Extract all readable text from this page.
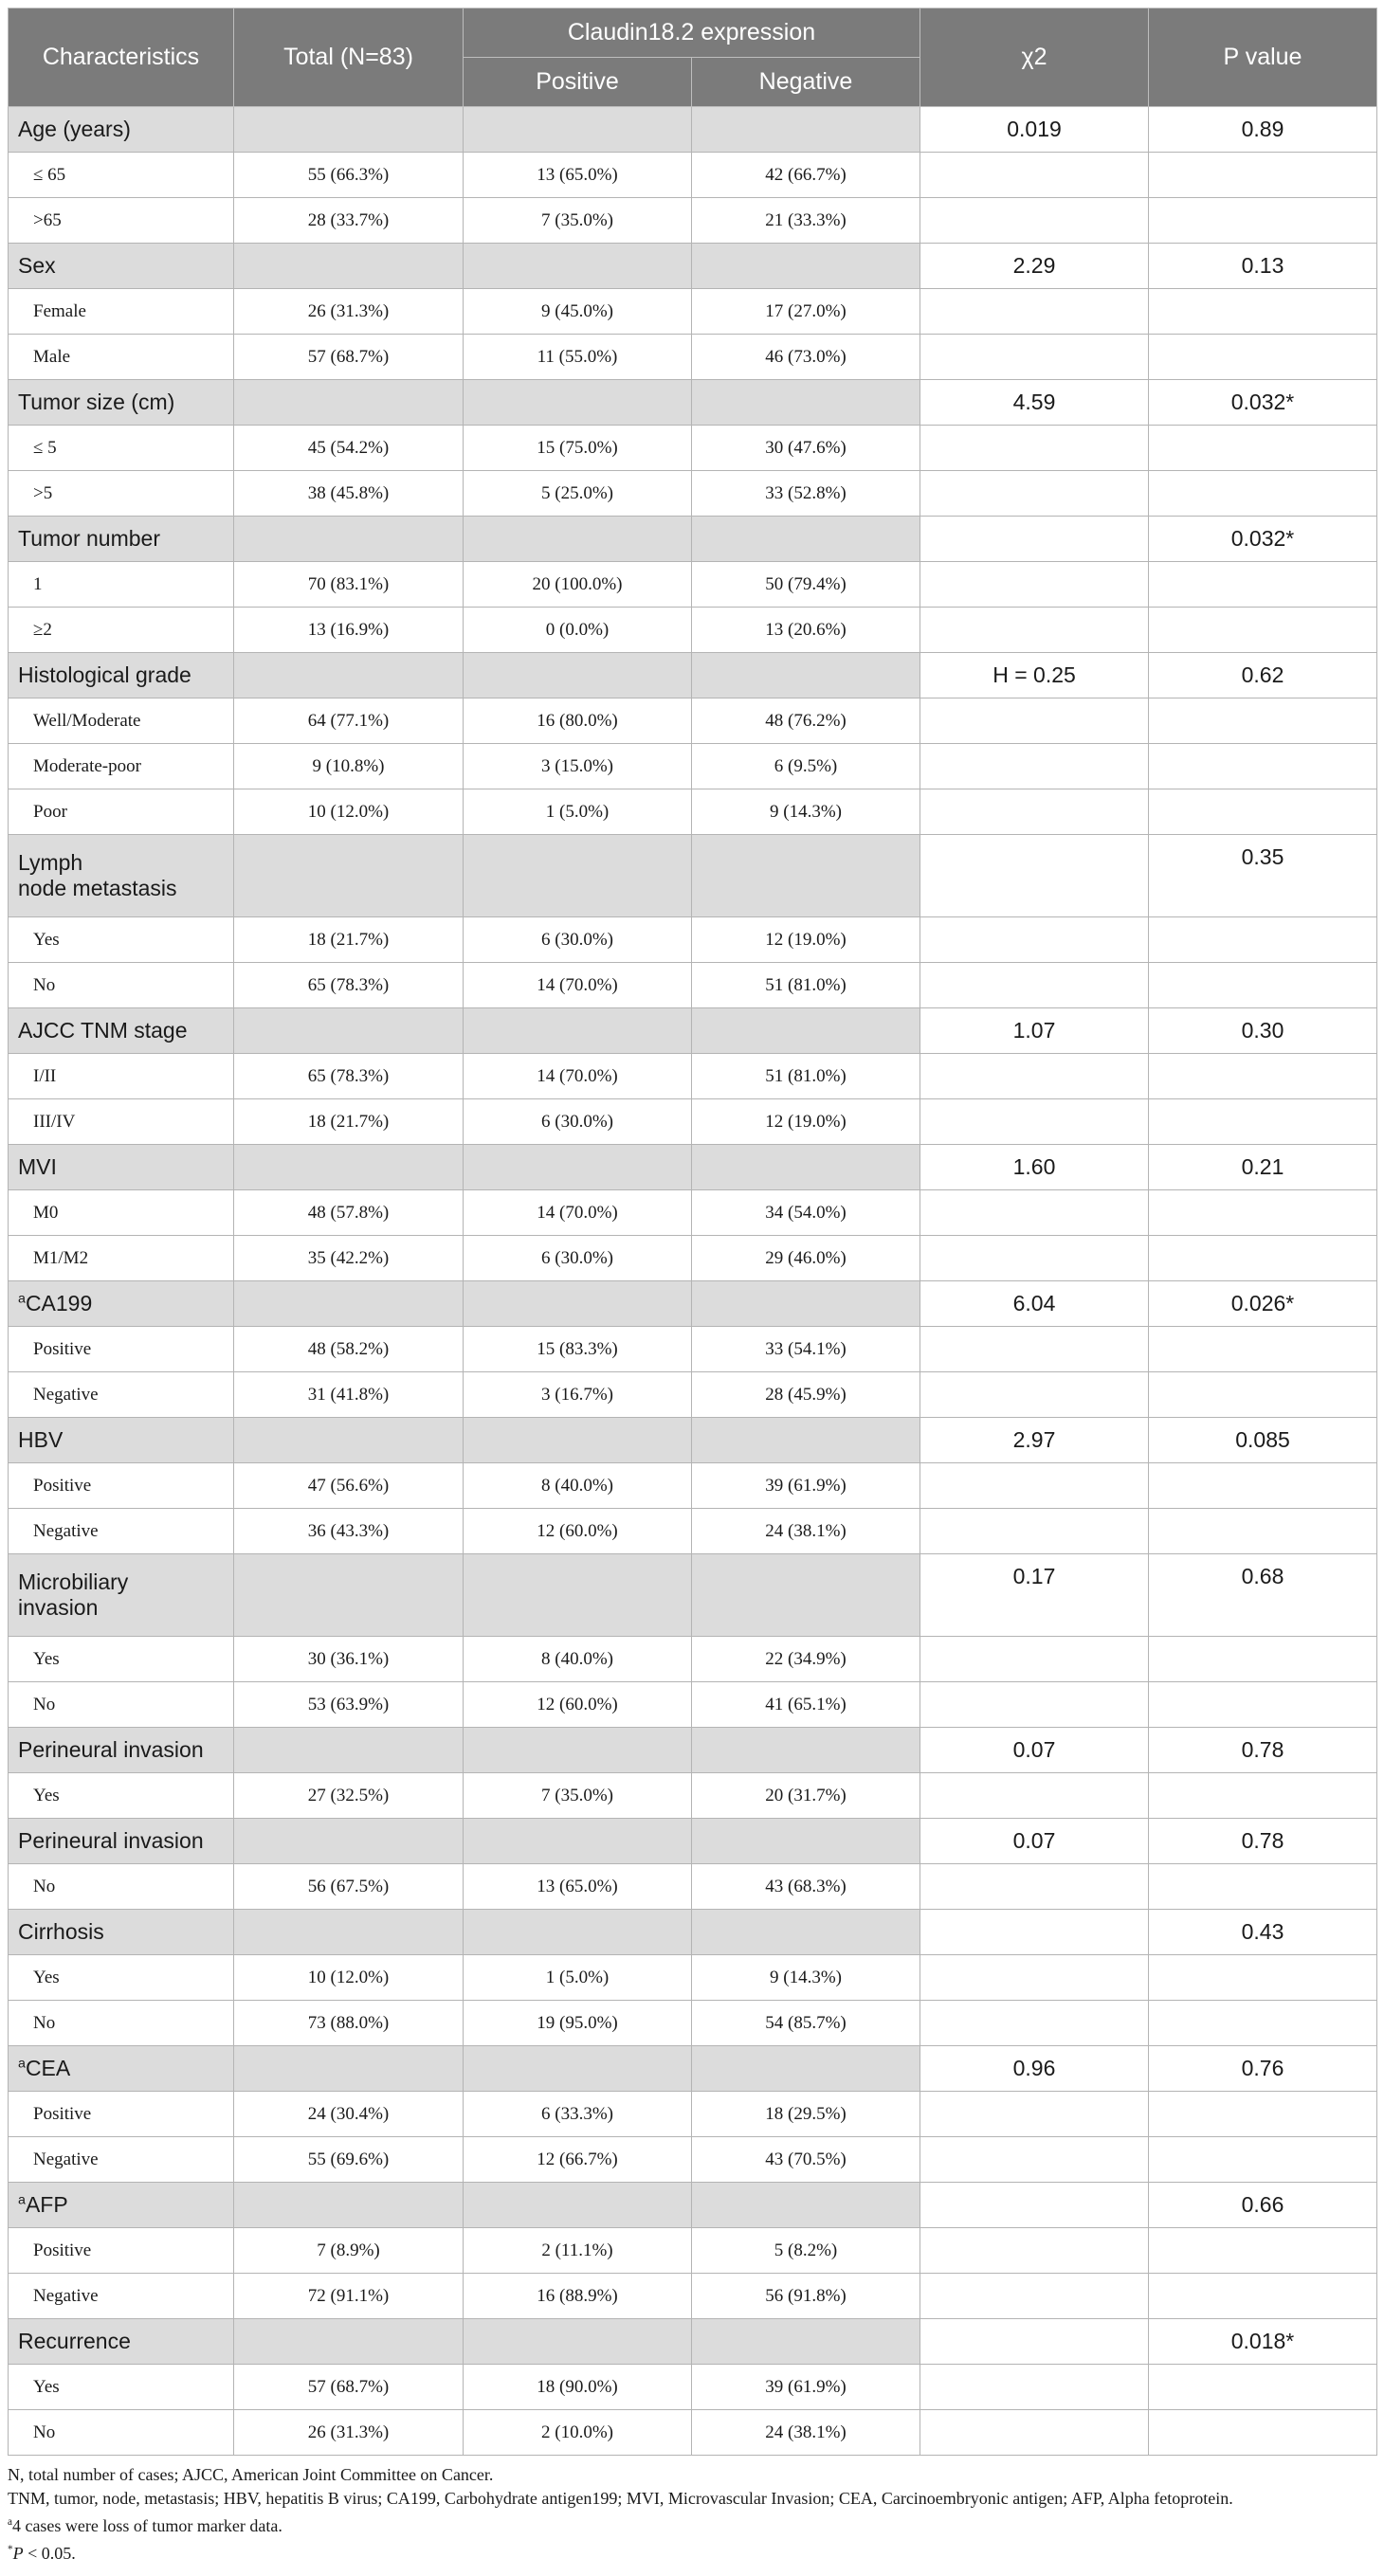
Characteristics	Total (N=83)	Claudin18.2 expression		χ2	P value
		Positive	Negative		
Age (years)				0.019	0.89
≤ 65	55 (66.3%)	13 (65.0%)	42 (66.7%)		
>65	28 (33.7%)	7 (35.0%)	21 (33.3%)		
Sex				2.29	0.13
Female	26 (31.3%)	9 (45.0%)	17 (27.0%)		
Male	57 (68.7%)	11 (55.0%)	46 (73.0%)		
Tumor size (cm)				4.59	0.032*
≤ 5	45 (54.2%)	15 (75.0%)	30 (47.6%)		
>5	38 (45.8%)	5 (25.0%)	33 (52.8%)		
Tumor number					0.032*
1	70 (83.1%)	20 (100.0%)	50 (79.4%)		
≥2	13 (16.9%)	0 (0.0%)	13 (20.6%)		
Histological grade				H = 0.25	0.62
Well/Moderate	64 (77.1%)	16 (80.0%)	48 (76.2%)		
Moderate-poor	9 (10.8%)	3 (15.0%)	6 (9.5%)		
Poor	10 (12.0%)	1 (5.0%)	9 (14.3%)		
Lymph
node metastasis					0.35
Yes	18 (21.7%)	6 (30.0%)	12 (19.0%)		
No	65 (78.3%)	14 (70.0%)	51 (81.0%)		
AJCC TNM stage				1.07	0.30
I/II	65 (78.3%)	14 (70.0%)	51 (81.0%)		
III/IV	18 (21.7%)	6 (30.0%)	12 (19.0%)		
MVI				1.60	0.21
M0	48 (57.8%)	14 (70.0%)	34 (54.0%)		
M1/M2	35 (42.2%)	6 (30.0%)	29 (46.0%)		
$^a$CA199				6.04	0.026*
Positive	48 (58.2%)	15 (83.3%)	33 (54.1%)		
Negative	31 (41.8%)	3 (16.7%)	28 (45.9%)		
HBV				2.97	0.085
Positive	47 (56.6%)	8 (40.0%)	39 (61.9%)		
Negative	36 (43.3%)	12 (60.0%)	24 (38.1%)		
Microbiliary
invasion				0.17	0.68
Yes	30 (36.1%)	8 (40.0%)	22 (34.9%)		
No	53 (63.9%)	12 (60.0%)	41 (65.1%)		
Perineural invasion				0.07	0.78
Yes	27 (32.5%)	7 (35.0%)	20 (31.7%)		
Perineural invasion				0.07	0.78
No	56 (67.5%)	13 (65.0%)	43 (68.3%)		
Cirrhosis					0.43
Yes	10 (12.0%)	1 (5.0%)	9 (14.3%)		
No	73 (88.0%)	19 (95.0%)	54 (85.7%)		
$^a$CEA				0.96	0.76
Positive	24 (30.4%)	6 (33.3%)	18 (29.5%)		
Negative	55 (69.6%)	12 (66.7%)	43 (70.5%)		
$^a$AFP					0.66
Positive	7 (8.9%)	2 (11.1%)	5 (8.2%)		
Negative	72 (91.1%)	16 (88.9%)	56 (91.8%)		
Recurrence					0.018*
Yes	57 (68.7%)	18 (90.0%)	39 (61.9%)		
No	26 (31.3%)	2 (10.0%)	24 (38.1%)		
N, total number of cases; AJCC, American Joint Committee on Cancer.
TNM, tumor, node, metastasis; HBV, hepatitis B virus; CA199, Carbohydrate antigen199; MVI, Microvascular Invasion; CEA, Carcinoembryonic antigen; AFP, Alpha fetoprotein.
$^a$4 cases were loss of tumor marker data.
*P < 0.05.
